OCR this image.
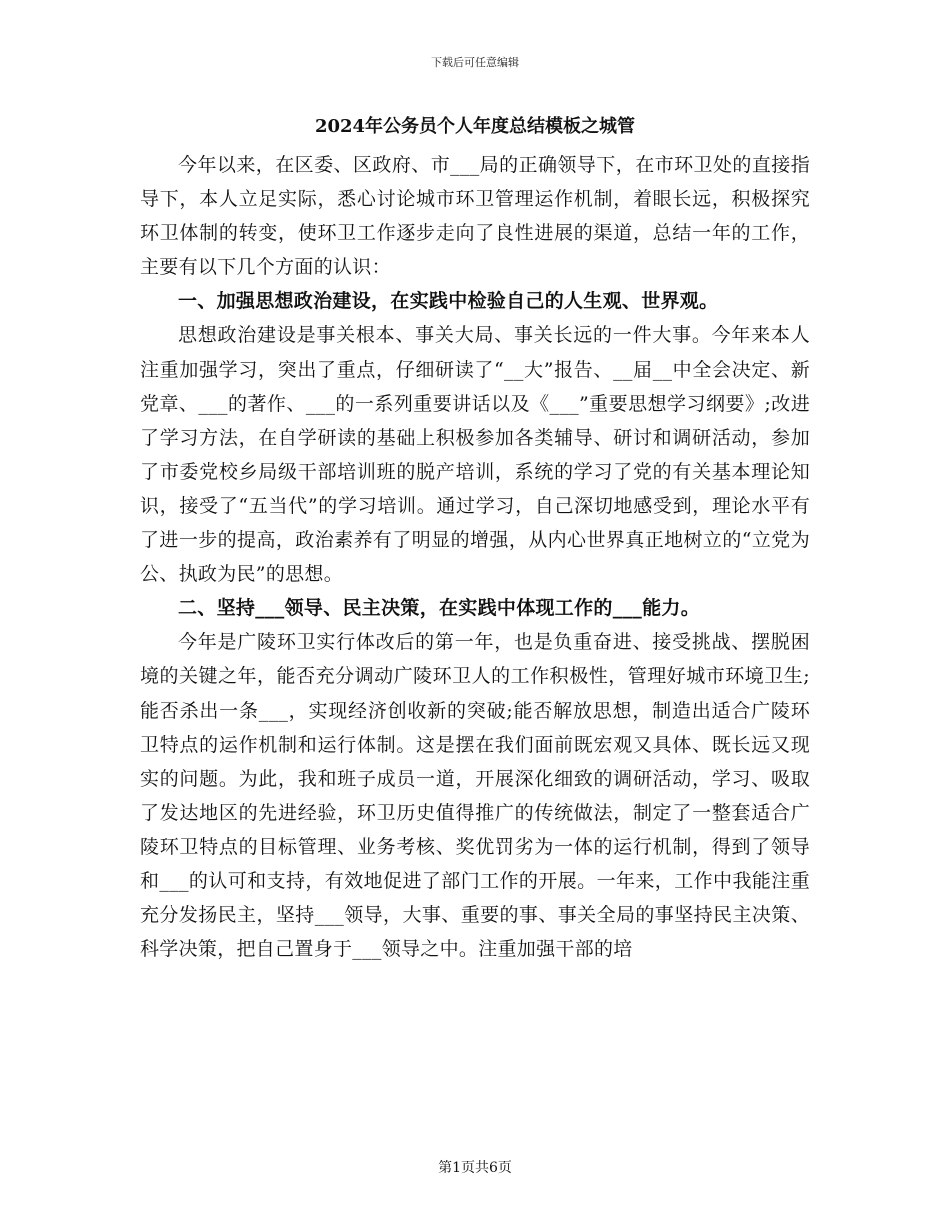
下载后可任意编辑
2024年公务员个人年度总结模板之城管

今年以来，在区委、区政府、市___局的正确领导下，在市环卫处的直接指导下，本人立足实际，悉心讨论城市环卫管理运作机制，着眼长远，积极探究环卫体制的转变，使环卫工作逐步走向了良性进展的渠道，总结一年的工作，主要有以下几个方面的认识：

一、加强思想政治建设，在实践中检验自己的人生观、世界观。

思想政治建设是事关根本、事关大局、事关长远的一件大事。今年来本人注重加强学习，突出了重点，仔细研读了“__大”报告、__届__中全会决定、新党章、___的著作、___的一系列重要讲话以及《___”重要思想学习纲要》;改进了学习方法，在自学研读的基础上积极参加各类辅导、研讨和调研活动，参加了市委党校乡局级干部培训班的脱产培训，系统的学习了党的有关基本理论知识，接受了“五当代”的学习培训。通过学习，自己深切地感受到，理论水平有了进一步的提高，政治素养有了明显的增强，从内心世界真正地树立的“立党为公、执政为民”的思想。

二、坚持___领导、民主决策，在实践中体现工作的___能力。

今年是广陵环卫实行体改后的第一年，也是负重奋进、接受挑战、摆脱困境的关键之年，能否充分调动广陵环卫人的工作积极性，管理好城市环境卫生;能否杀出一条___，实现经济创收新的突破;能否解放思想，制造出适合广陵环卫特点的运作机制和运行体制。这是摆在我们面前既宏观又具体、既长远又现实的问题。为此，我和班子成员一道，开展深化细致的调研活动，学习、吸取了发达地区的先进经验，环卫历史值得推广的传统做法，制定了一整套适合广陵环卫特点的目标管理、业务考核、奖优罚劣为一体的运行机制，得到了领导和___的认可和支持，有效地促进了部门工作的开展。一年来，工作中我能注重充分发扬民主，坚持___领导，大事、重要的事、事关全局的事坚持民主决策、科学决策，把自己置身于___领导之中。注重加强干部的培

第1页共6页
